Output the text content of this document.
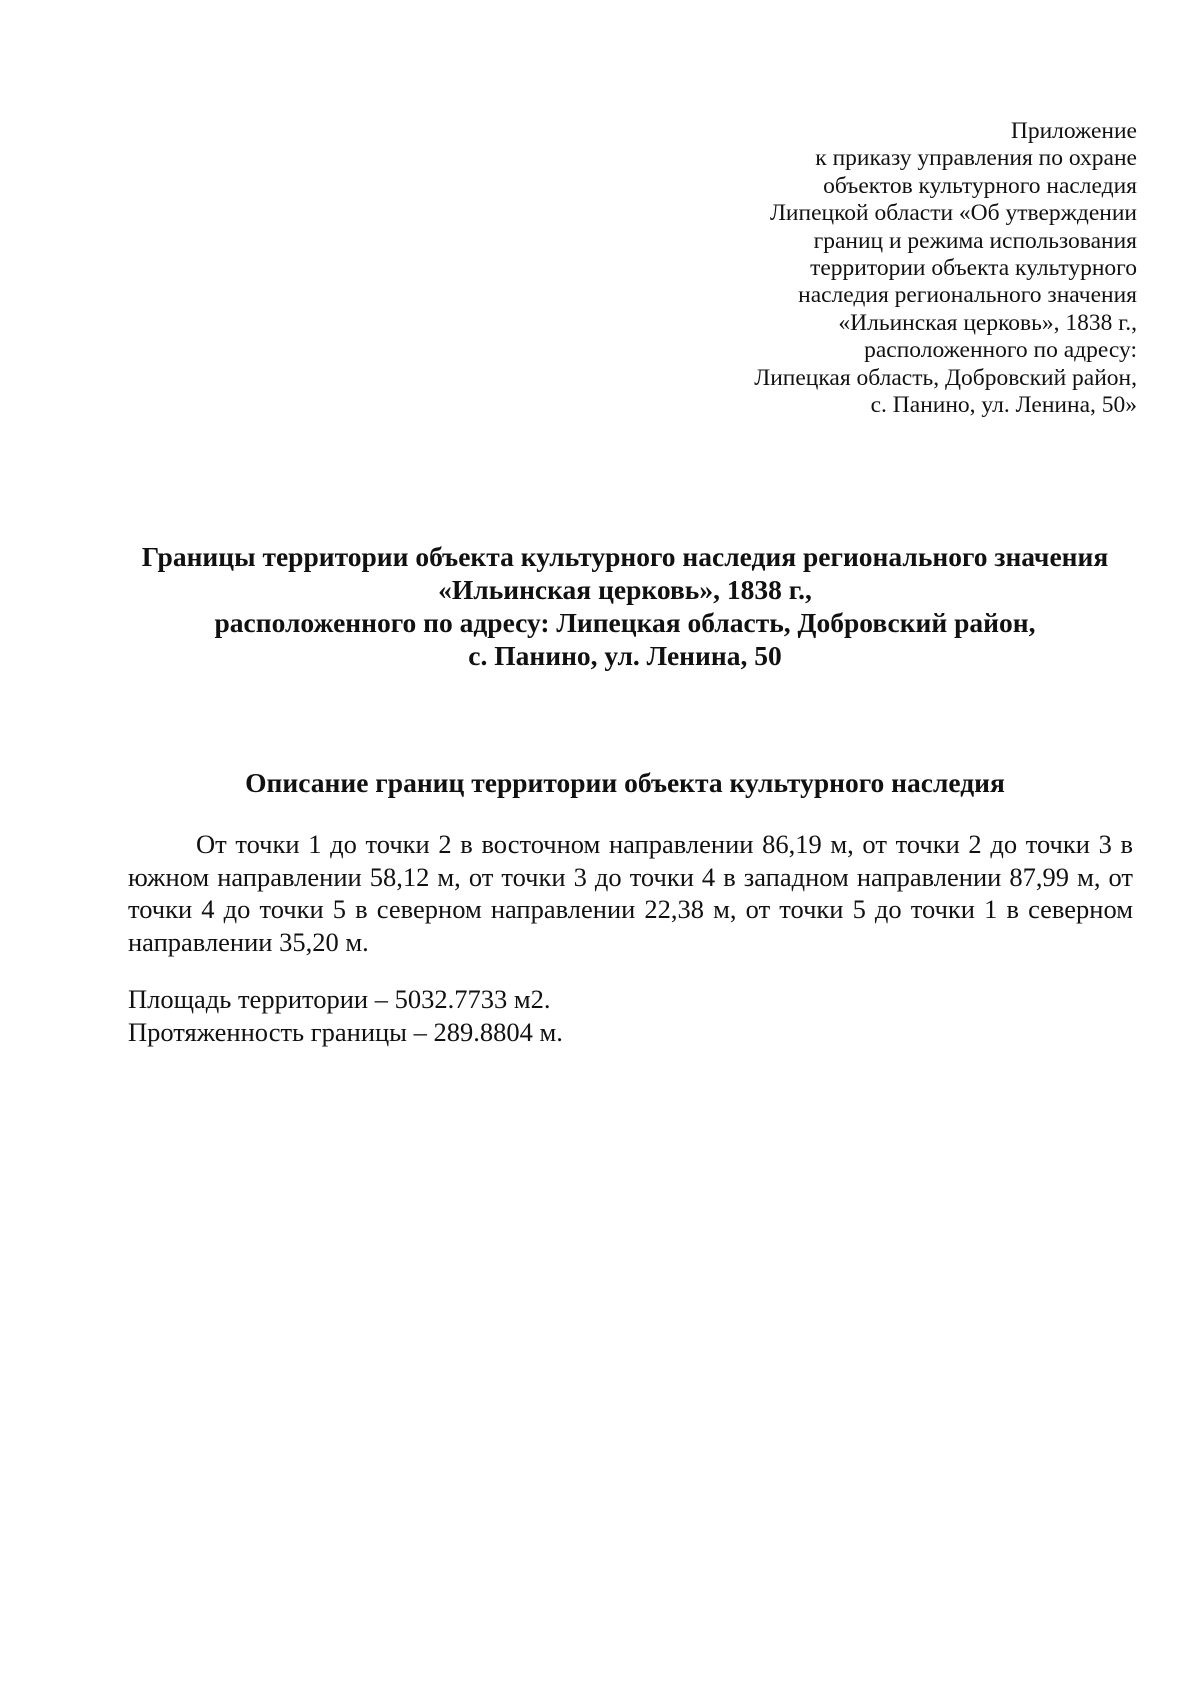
Приложение
к приказу управления по охране
объектов культурного наследия
Липецкой области «Об утверждении
границ и режима использования
территории объекта культурного
наследия регионального значения
«Ильинская церковь», 1838 г.,
расположенного по адресу:
Липецкая область, Добровский район,
с. Панино, ул. Ленина, 50»
Границы территории объекта культурного наследия регионального значения
«Ильинская церковь», 1838 г.,
расположенного по адресу: Липецкая область, Добровский район,
с. Панино, ул. Ленина, 50
Описание границ территории объекта культурного наследия

От точки 1 до точки 2 в восточном направлении 86,19 м, от точки 2 до точки 3 в южном направлении 58,12 м, от точки 3 до точки 4 в западном направлении 87,99 м, от точки 4 до точки 5 в северном направлении 22,38 м, от точки 5 до точки 1 в северном направлении 35,20 м.

Площадь территории – 5032.7733 м2.
Протяженность границы – 289.8804 м.
